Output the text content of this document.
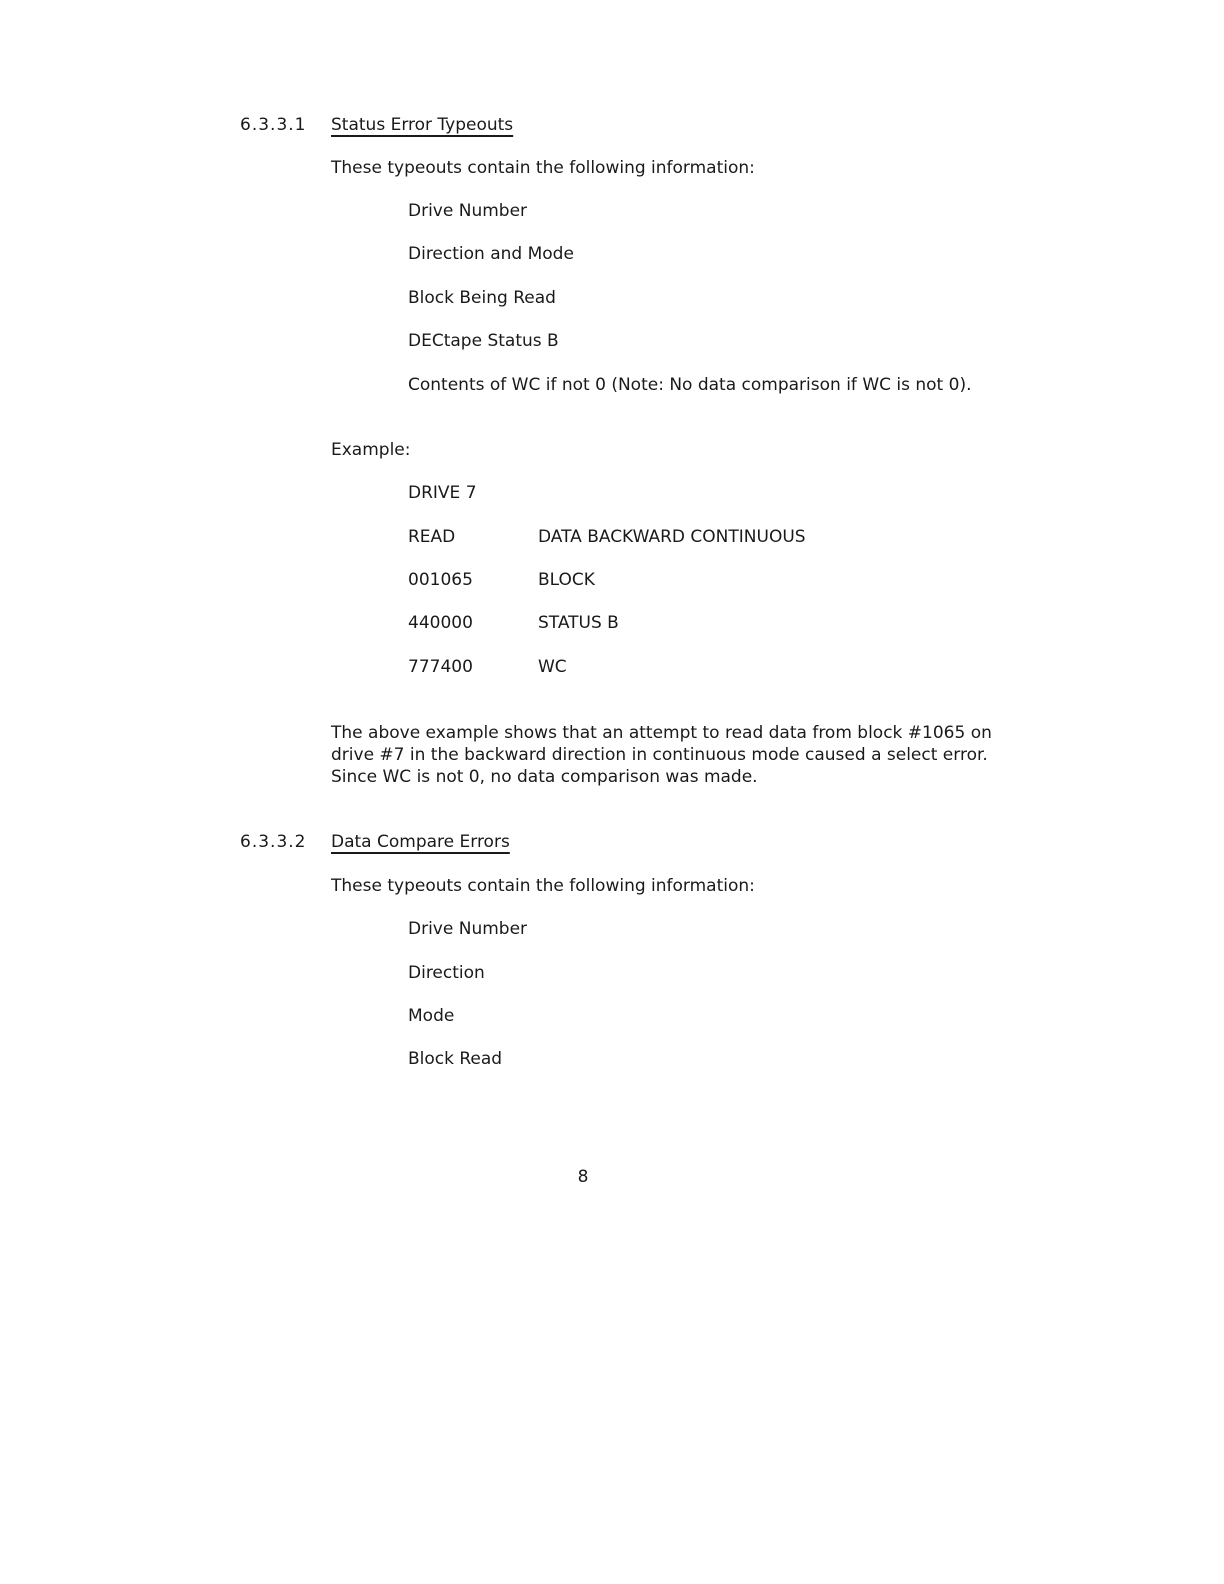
6.3.3.1 Status Error Typeouts
These typeouts contain the following information:
Drive Number
Direction and Mode
Block Being Read
DECtape Status B
Contents of WC if not 0 (Note: No data comparison if WC is not 0).
Example:
DRIVE 7
READ	DATA BACKWARD CONTINUOUS
001065	BLOCK
440000	STATUS B
777400	WC
The above example shows that an attempt to read data from block #1065 on
drive #7 in the backward direction in continuous mode caused a select error.
Since WC is not 0, no data comparison was made.
6.3.3.2 Data Compare Errors
These typeouts contain the following information:
Drive Number
Direction
Mode
Block Read
8
